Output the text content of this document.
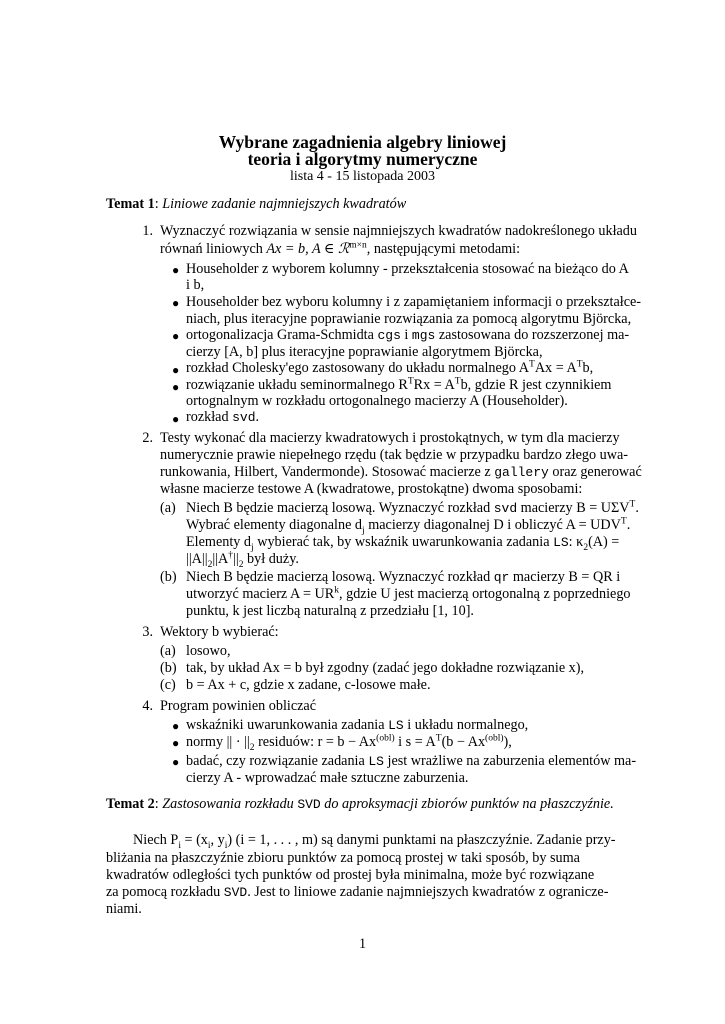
Wybrane zagadnienia algebry liniowej
teoria i algorytmy numeryczne
lista 4 - 15 listopada 2003
Temat 1: Liniowe zadanie najmniejszych kwadratów
1. Wyznaczyć rozwiązania w sensie najmniejszych kwadratów nadokreślonego układu
równań liniowych Ax = b, A ∈ ℛ$^{m\times n}$, następującymi metodami:
● Householder z wyborem kolumny - przekształcenia stosować na bieżąco do A
i b,
● Householder bez wyboru kolumny i z zapamiętaniem informacji o przekształce-
niach, plus iteracyjne poprawianie rozwiązania za pomocą algorytmu Björcka,
● ortogonalizacja Grama-Schmidta cgs i mgs zastosowana do rozszerzonej ma-
cierzy [A, b] plus iteracyjne poprawianie algorytmem Björcka,
● rozkład Cholesky'ego zastosowany do układu normalnego $A^TAx = A^Tb$,
● rozwiązanie układu seminormalnego $R^TRx = A^Tb$, gdzie R jest czynnikiem
ortognalnym w rozkładu ortogonalnego macierzy A (Householder).
● rozkład svd.
2. Testy wykonać dla macierzy kwadratowych i prostokątnych, w tym dla macierzy
numerycznie prawie niepełnego rzędu (tak będzie w przypadku bardzo złego uwa-
runkowania, Hilbert, Vandermonde). Stosować macierze z gallery oraz generować
własne macierze testowe A (kwadratowe, prostokątne) dwoma sposobami:
(a) Niech B będzie macierzą losową. Wyznaczyć rozkład svd macierzy $B = U\Sigma V^T$.
Wybrać elementy diagonalne $d_j$ macierzy diagonalnej D i obliczyć $A = UDV^T$.
Elementy $d_j$ wybierać tak, by wskaźnik uwarunkowania zadania LS: $\kappa_2(A)$ =
$||A||_2||A^\dagger||_2$ był duży.
(b) Niech B będzie macierzą losową. Wyznaczyć rozkład qr macierzy B = QR i
utworzyć macierz $A = UR^k$, gdzie U jest macierzą ortogonalną z poprzedniego
punktu, k jest liczbą naturalną z przedziału [1, 10].
3. Wektory b wybierać:
(a) losowo,
(b) tak, by układ Ax = b był zgodny (zadać jego dokładne rozwiązanie x),
(c) b = Ax + c, gdzie x zadane, c-losowe małe.
4. Program powinien obliczać
● wskaźniki uwarunkowania zadania LS i układu normalnego,
● normy || · $||_2$ residuów: $r = b - Ax^{(obl)}$ i $s = A^T(b - Ax^{(obl)})$,
● badać, czy rozwiązanie zadania LS jest wrażliwe na zaburzenia elementów ma-
cierzy A - wprowadzać małe sztuczne zaburzenia.
Temat 2: Zastosowania rozkładu SVD do aproksymacji zbiorów punktów na płaszczyźnie.
Niech $P_i = (x_i$, $y_i$) (i = 1, . . . , m) są danymi punktami na płaszczyźnie. Zadanie przy-
bliżania na płaszczyźnie zbioru punktów za pomocą prostej w taki sposób, by suma
kwadratów odległości tych punktów od prostej była minimalna, może być rozwiązane
za pomocą rozkładu SVD. Jest to liniowe zadanie najmniejszych kwadratów z ogranicze-
niami.
1
